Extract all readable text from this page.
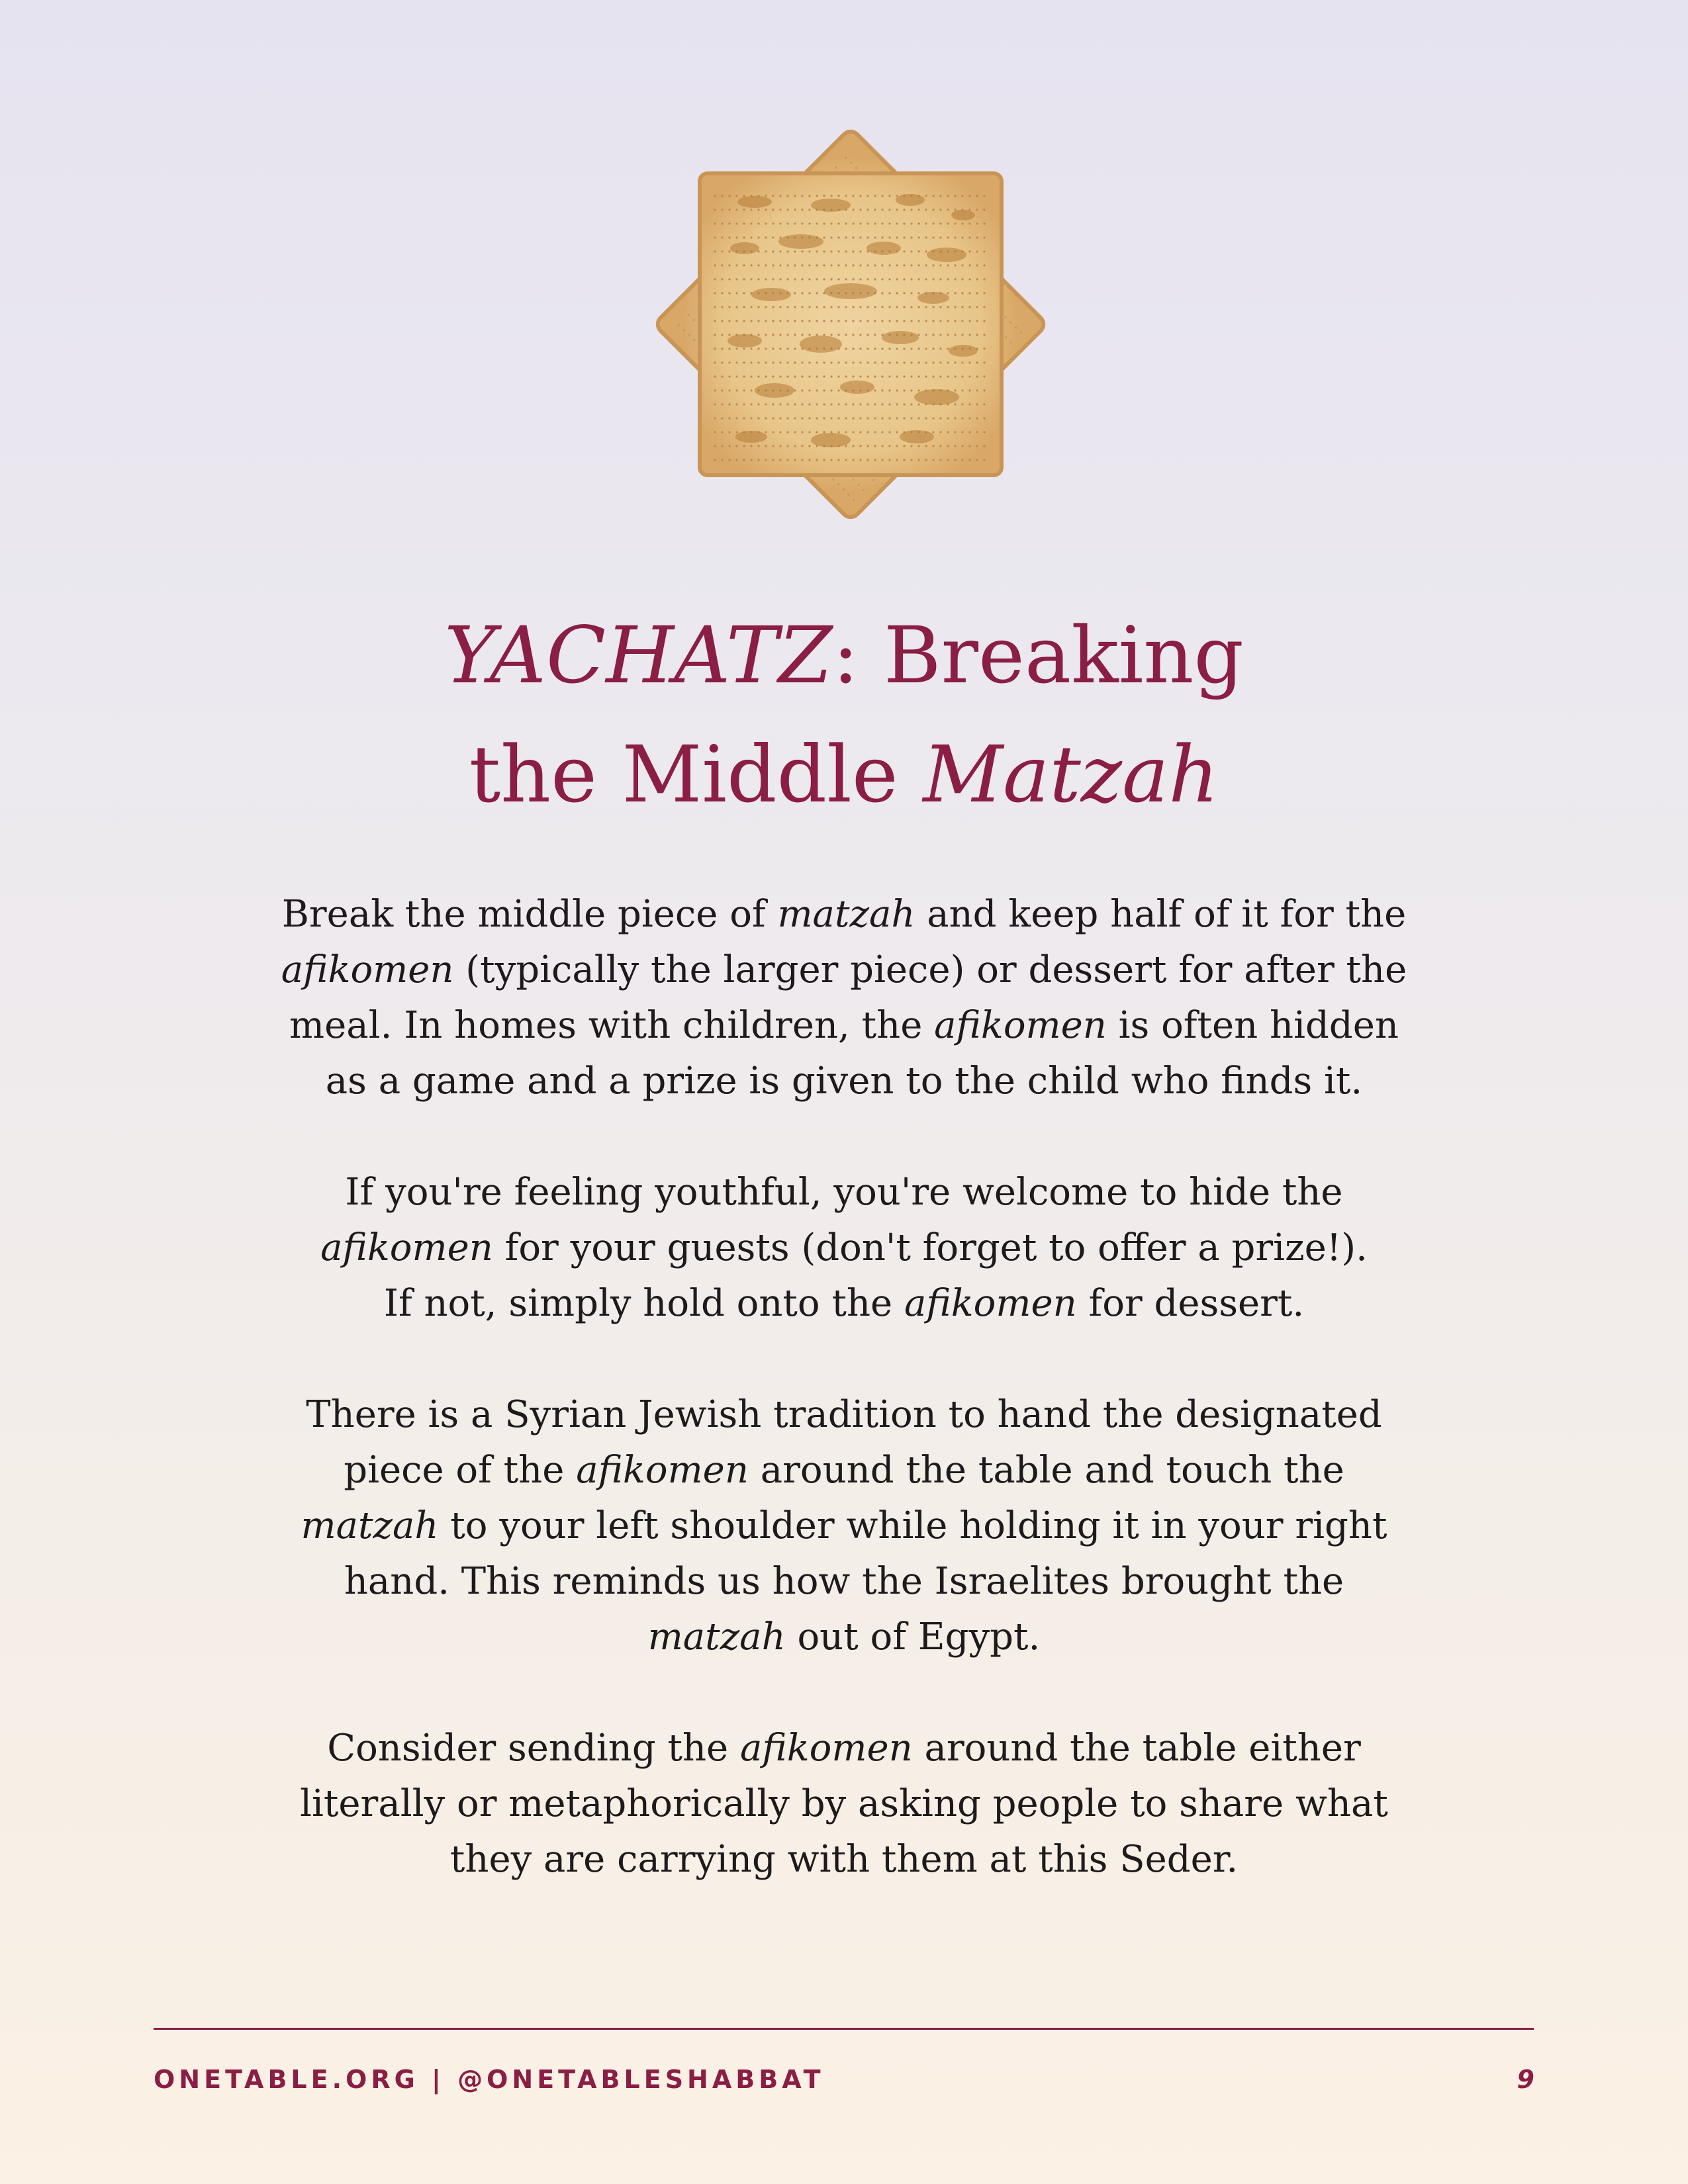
YACHATZ: Breaking
the Middle Matzah

Break the middle piece of matzah and keep half of it for the
afikomen (typically the larger piece) or dessert for after the
meal. In homes with children, the afikomen is often hidden
as a game and a prize is given to the child who finds it.

If you're feeling youthful, you're welcome to hide the
afikomen for your guests (don't forget to offer a prize!).
If not, simply hold onto the afikomen for dessert.

There is a Syrian Jewish tradition to hand the designated
piece of the afikomen around the table and touch the
matzah to your left shoulder while holding it in your right
hand. This reminds us how the Israelites brought the
matzah out of Egypt.

Consider sending the afikomen around the table either
literally or metaphorically by asking people to share what
they are carrying with them at this Seder.

ONETABLE.ORG | @ONETABLESHABBAT	9
